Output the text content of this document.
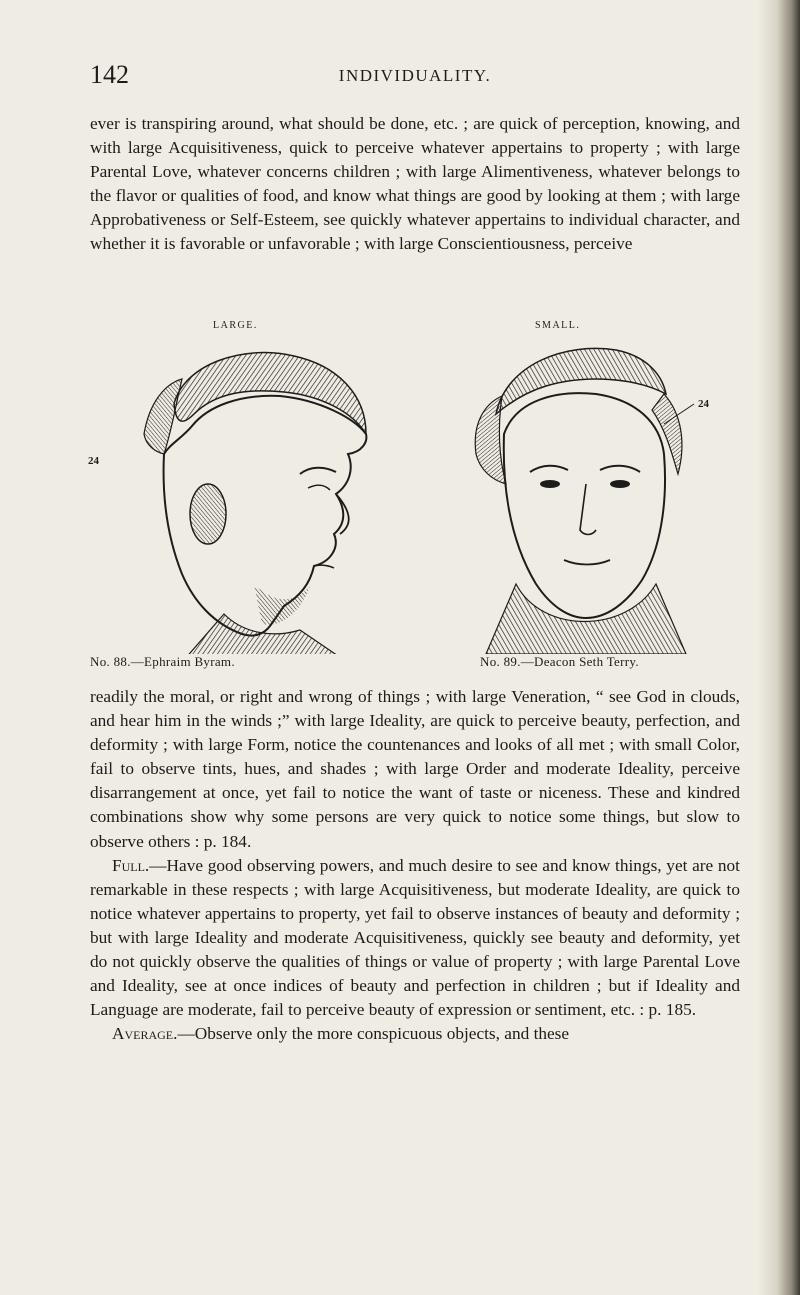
142	INDIVIDUALITY.

ever is transpiring around, what should be done, etc. ; are quick of perception, knowing, and with large Acquisitiveness, quick to perceive whatever appertains to property ; with large Parental Love, whatever concerns children ; with large Alimentiveness, whatever belongs to the flavor or qualities of food, and know what things are good by looking at them ; with large Approbativeness or Self-Esteem, see quickly whatever appertains to individual character, and whether it is favorable or unfavorable ; with large Conscientiousness, perceive

LARGE.
24
No. 88.—Ephraim Byram.
SMALL.
24
No. 89.—Deacon Seth Terry.

readily the moral, or right and wrong of things ; with large Veneration, “ see God in clouds, and hear him in the winds ;” with large Ideality, are quick to perceive beauty, perfection, and deformity ; with large Form, notice the countenances and looks of all met ; with small Color, fail to observe tints, hues, and shades ; with large Order and moderate Ideality, perceive disarrangement at once, yet fail to notice the want of taste or niceness. These and kindred combinations show why some persons are very quick to notice some things, but slow to observe others : p. 184.

Full.—Have good observing powers, and much desire to see and know things, yet are not remarkable in these respects ; with large Acquisitiveness, but moderate Ideality, are quick to notice whatever appertains to property, yet fail to observe instances of beauty and deformity ; but with large Ideality and moderate Acquisitiveness, quickly see beauty and deformity, yet do not quickly observe the qualities of things or value of property ; with large Parental Love and Ideality, see at once indices of beauty and perfection in children ; but if Ideality and Language are moderate, fail to perceive beauty of expression or sentiment, etc. : p. 185.

Average.—Observe only the more conspicuous objects, and these
